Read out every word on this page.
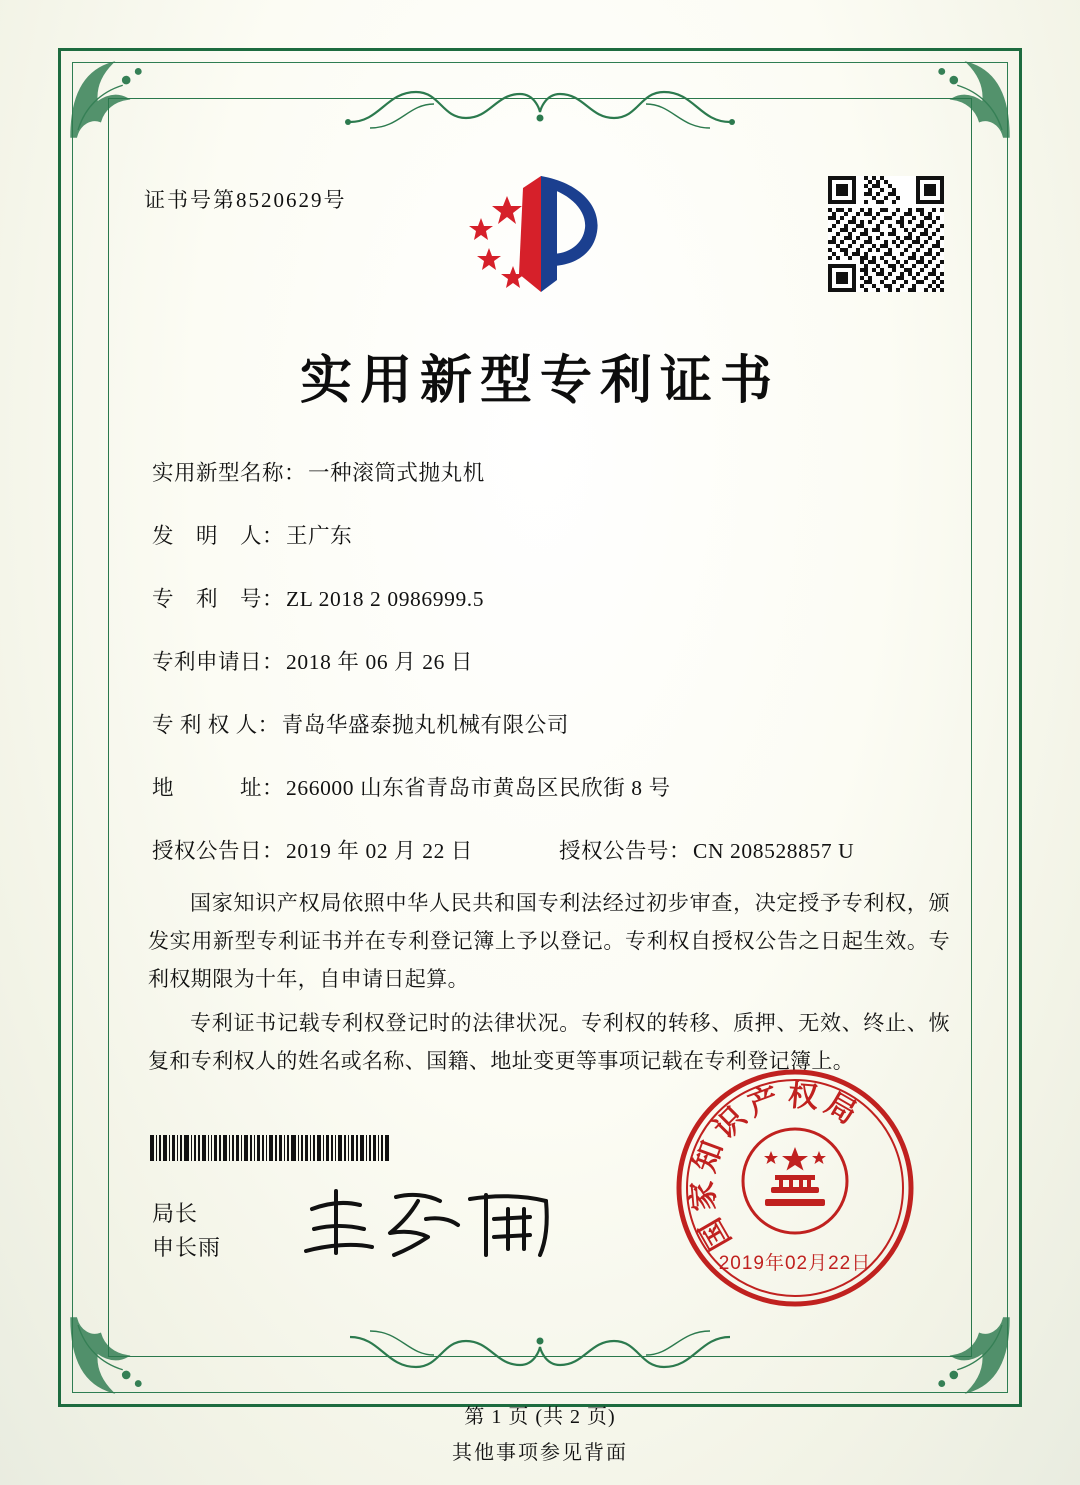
证书号第8520629号
实用新型专利证书
实用新型名称： 一种滚筒式抛丸机
发　明　人： 王广东
专　利　号： ZL 2018 2 0986999.5
专利申请日： 2018 年 06 月 26 日
专 利 权 人： 青岛华盛泰抛丸机械有限公司
地　　　址： 266000 山东省青岛市黄岛区民欣街 8 号
授权公告日： 2019 年 02 月 22 日	授权公告号： CN 208528857 U

国家知识产权局依照中华人民共和国专利法经过初步审查，决定授予专利权，颁发实用新型专利证书并在专利登记簿上予以登记。专利权自授权公告之日起生效。专利权期限为十年，自申请日起算。

专利证书记载专利权登记时的法律状况。专利权的转移、质押、无效、终止、恢复和专利权人的姓名或名称、国籍、地址变更等事项记载在专利登记簿上。

局长
申长雨	国
家
知
识
产 权 局
2019年02月22日
第 1 页 (共 2 页)
其他事项参见背面
